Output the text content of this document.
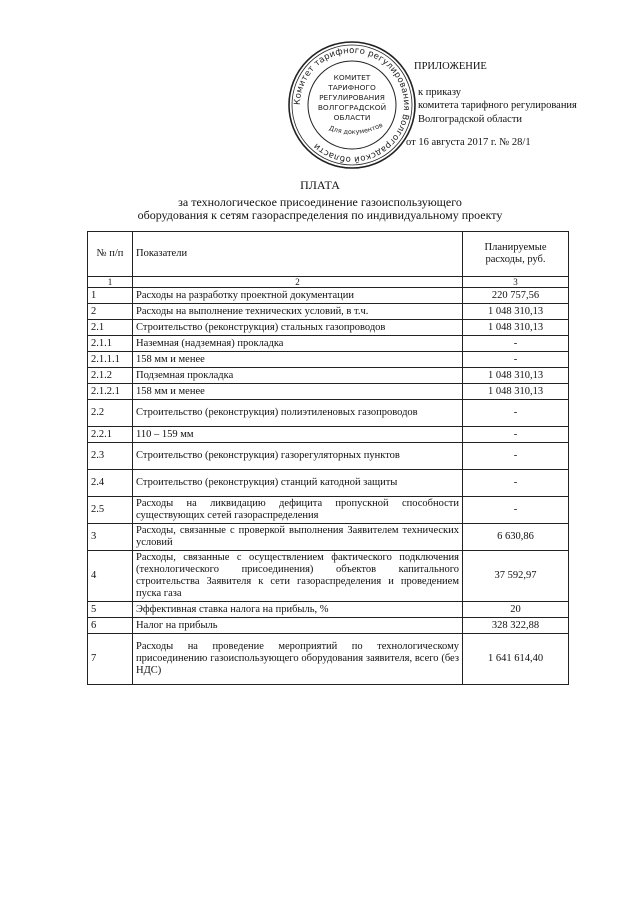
ПРИЛОЖЕНИЕ
к приказу
комитета тарифного регулирования
Волгоградской области
от 16 августа 2017 г. № 28/1
Комитет тарифного регулирования Волгоградской области
КОМИТЕТ
ТАРИФНОГО
РЕГУЛИРОВАНИЯ
ВОЛГОГРАДСКОЙ
ОБЛАСТИ
Для документов
ПЛАТА
за технологическое присоединение газоиспользующего
оборудования к сетям газораспределения по индивидуальному проекту
№ п/п	Показатели	Планируемые расходы, руб.
1	2	3
1	Расходы на разработку проектной документации	220 757,56
2	Расходы на выполнение технических условий, в т.ч.	1 048 310,13
2.1	Строительство (реконструкция) стальных газопроводов	1 048 310,13
2.1.1	Наземная (надземная) прокладка	-
2.1.1.1	158 мм и менее	-
2.1.2	Подземная прокладка	1 048 310,13
2.1.2.1	158 мм и менее	1 048 310,13
2.2	Строительство (реконструкция) полиэтиленовых газопроводов	-
2.2.1	110 – 159 мм	-
2.3	Строительство (реконструкция) газорегуляторных пунктов	-
2.4	Строительство (реконструкция) станций катодной защиты	-
2.5	Расходы на ликвидацию дефицита пропускной способности существующих сетей газораспределения	-
3	Расходы, связанные с проверкой выполнения Заявителем технических условий	6 630,86
4	Расходы, связанные с осуществлением фактического подключения (технологического присоединения) объектов капитального строительства Заявителя к сети газораспределения и проведением пуска газа	37 592,97
5	Эффективная ставка налога на прибыль, %	20
6	Налог на прибыль	328 322,88
7	Расходы на проведение мероприятий по технологическому присоединению газоиспользующего оборудования заявителя, всего (без НДС)	1 641 614,40
